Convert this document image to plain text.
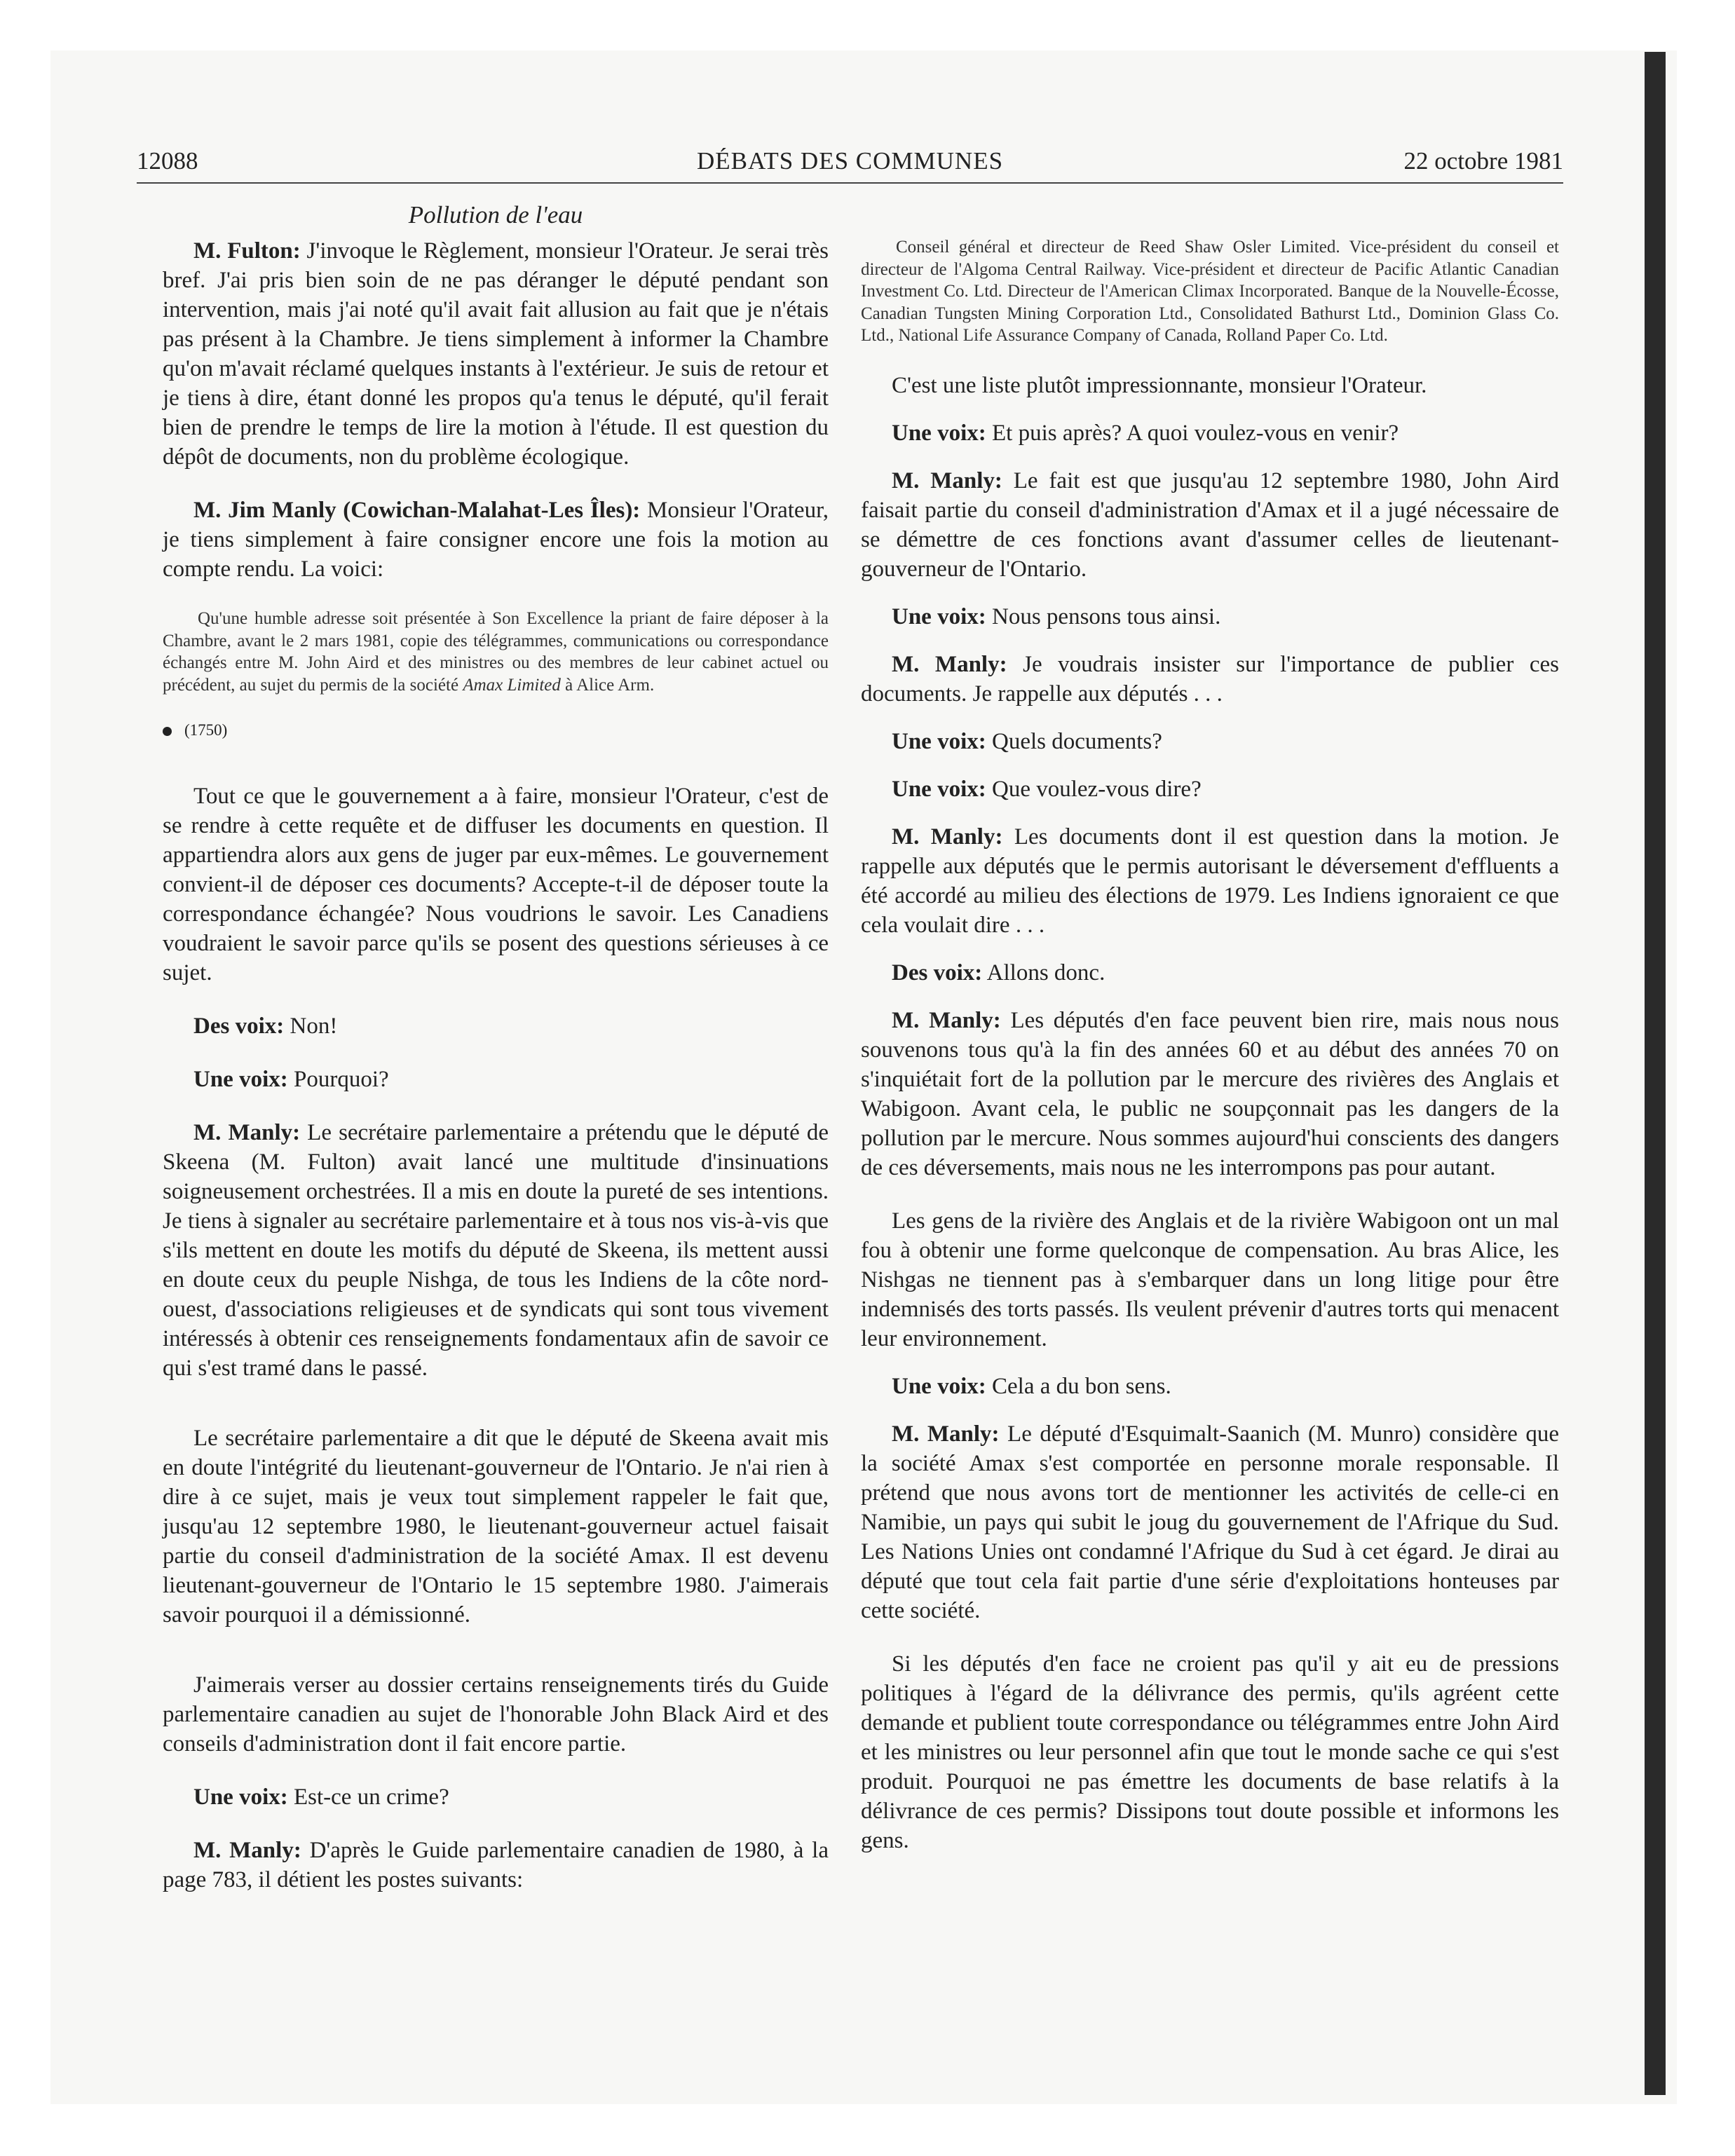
12088	DÉBATS DES COMMUNES	22 octobre 1981

Pollution de l'eau

M. Fulton: J'invoque le Règlement, monsieur l'Orateur. Je serai très bref. J'ai pris bien soin de ne pas déranger le député pendant son intervention, mais j'ai noté qu'il avait fait allusion au fait que je n'étais pas présent à la Chambre. Je tiens simplement à informer la Chambre qu'on m'avait réclamé quelques instants à l'extérieur. Je suis de retour et je tiens à dire, étant donné les propos qu'a tenus le député, qu'il ferait bien de prendre le temps de lire la motion à l'étude. Il est question du dépôt de documents, non du problème écologique.

M. Jim Manly (Cowichan-Malahat-Les Îles): Monsieur l'Orateur, je tiens simplement à faire consigner encore une fois la motion au compte rendu. La voici:

Qu'une humble adresse soit présentée à Son Excellence la priant de faire déposer à la Chambre, avant le 2 mars 1981, copie des télégrammes, communications ou correspondance échangés entre M. John Aird et des ministres ou des membres de leur cabinet actuel ou précédent, au sujet du permis de la société Amax Limited à Alice Arm.

(1750)

Tout ce que le gouvernement a à faire, monsieur l'Orateur, c'est de se rendre à cette requête et de diffuser les documents en question. Il appartiendra alors aux gens de juger par eux-mêmes. Le gouvernement convient-il de déposer ces documents? Accepte-t-il de déposer toute la correspondance échangée? Nous voudrions le savoir. Les Canadiens voudraient le savoir parce qu'ils se posent des questions sérieuses à ce sujet.

Des voix: Non!

Une voix: Pourquoi?

M. Manly: Le secrétaire parlementaire a prétendu que le député de Skeena (M. Fulton) avait lancé une multitude d'insinuations soigneusement orchestrées. Il a mis en doute la pureté de ses intentions. Je tiens à signaler au secrétaire parlementaire et à tous nos vis-à-vis que s'ils mettent en doute les motifs du député de Skeena, ils mettent aussi en doute ceux du peuple Nishga, de tous les Indiens de la côte nord-ouest, d'associations religieuses et de syndicats qui sont tous vivement intéressés à obtenir ces renseignements fondamentaux afin de savoir ce qui s'est tramé dans le passé.

Le secrétaire parlementaire a dit que le député de Skeena avait mis en doute l'intégrité du lieutenant-gouverneur de l'Ontario. Je n'ai rien à dire à ce sujet, mais je veux tout simplement rappeler le fait que, jusqu'au 12 septembre 1980, le lieutenant-gouverneur actuel faisait partie du conseil d'administration de la société Amax. Il est devenu lieutenant-gouverneur de l'Ontario le 15 septembre 1980. J'aimerais savoir pourquoi il a démissionné.

J'aimerais verser au dossier certains renseignements tirés du Guide parlementaire canadien au sujet de l'honorable John Black Aird et des conseils d'administration dont il fait encore partie.

Une voix: Est-ce un crime?

M. Manly: D'après le Guide parlementaire canadien de 1980, à la page 783, il détient les postes suivants:

Conseil général et directeur de Reed Shaw Osler Limited. Vice-président du conseil et directeur de l'Algoma Central Railway. Vice-président et directeur de Pacific Atlantic Canadian Investment Co. Ltd. Directeur de l'American Climax Incorporated. Banque de la Nouvelle-Écosse, Canadian Tungsten Mining Corporation Ltd., Consolidated Bathurst Ltd., Dominion Glass Co. Ltd., National Life Assurance Company of Canada, Rolland Paper Co. Ltd.

C'est une liste plutôt impressionnante, monsieur l'Orateur.

Une voix: Et puis après? A quoi voulez-vous en venir?

M. Manly: Le fait est que jusqu'au 12 septembre 1980, John Aird faisait partie du conseil d'administration d'Amax et il a jugé nécessaire de se démettre de ces fonctions avant d'assumer celles de lieutenant-gouverneur de l'Ontario.

Une voix: Nous pensons tous ainsi.

M. Manly: Je voudrais insister sur l'importance de publier ces documents. Je rappelle aux députés . . .

Une voix: Quels documents?

Une voix: Que voulez-vous dire?

M. Manly: Les documents dont il est question dans la motion. Je rappelle aux députés que le permis autorisant le déversement d'effluents a été accordé au milieu des élections de 1979. Les Indiens ignoraient ce que cela voulait dire . . .

Des voix: Allons donc.

M. Manly: Les députés d'en face peuvent bien rire, mais nous nous souvenons tous qu'à la fin des années 60 et au début des années 70 on s'inquiétait fort de la pollution par le mercure des rivières des Anglais et Wabigoon. Avant cela, le public ne soupçonnait pas les dangers de la pollution par le mercure. Nous sommes aujourd'hui conscients des dangers de ces déversements, mais nous ne les interrompons pas pour autant.

Les gens de la rivière des Anglais et de la rivière Wabigoon ont un mal fou à obtenir une forme quelconque de compensation. Au bras Alice, les Nishgas ne tiennent pas à s'embarquer dans un long litige pour être indemnisés des torts passés. Ils veulent prévenir d'autres torts qui menacent leur environnement.

Une voix: Cela a du bon sens.

M. Manly: Le député d'Esquimalt-Saanich (M. Munro) considère que la société Amax s'est comportée en personne morale responsable. Il prétend que nous avons tort de mentionner les activités de celle-ci en Namibie, un pays qui subit le joug du gouvernement de l'Afrique du Sud. Les Nations Unies ont condamné l'Afrique du Sud à cet égard. Je dirai au député que tout cela fait partie d'une série d'exploitations honteuses par cette société.

Si les députés d'en face ne croient pas qu'il y ait eu de pressions politiques à l'égard de la délivrance des permis, qu'ils agréent cette demande et publient toute correspondance ou télégrammes entre John Aird et les ministres ou leur personnel afin que tout le monde sache ce qui s'est produit. Pourquoi ne pas émettre les documents de base relatifs à la délivrance de ces permis? Dissipons tout doute possible et informons les gens.
